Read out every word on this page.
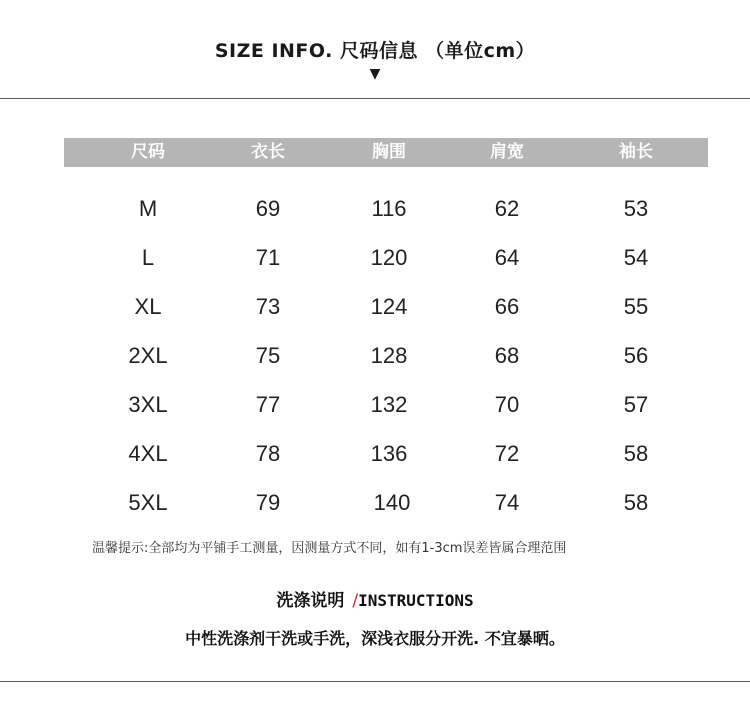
SIZE INFO. 尺码信息 （单位cm）
▼
尺码	衣长	胸围	肩宽	袖长
M	69	116	62	53
L	71	120	64	54
XL	73	124	66	55
2XL	75	128	68	56
3XL	77	132	70	57
4XL	78	136	72	58
5XL	79	140	74	58
温馨提示:全部均为平铺手工测量，因测量方式不同，如有1-3cm误差皆属合理范围
洗涤说明 /INSTRUCTIONS
中性洗涤剂干洗或手洗，深浅衣服分开洗. 不宜暴晒。
